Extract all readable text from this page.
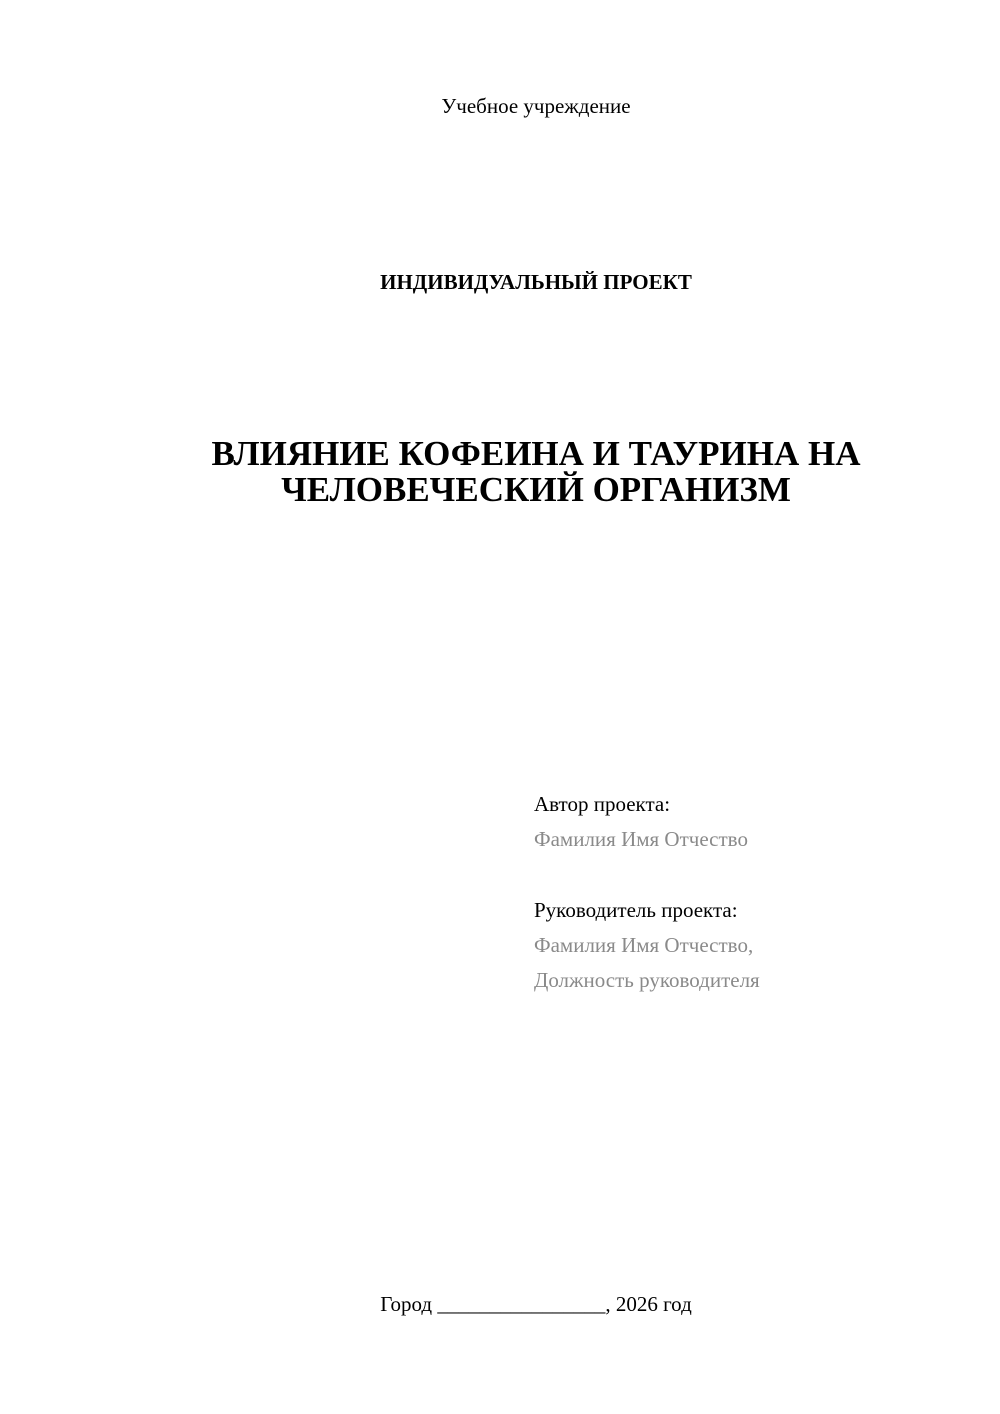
Учебное учреждение
ИНДИВИДУАЛЬНЫЙ ПРОЕКТ
ВЛИЯНИЕ КОФЕИНА И ТАУРИНА НА
ЧЕЛОВЕЧЕСКИЙ ОРГАНИЗМ
Автор проекта:
Фамилия Имя Отчество
Руководитель проекта:
Фамилия Имя Отчество,
Должность руководителя
Город ________________, 2026 год
